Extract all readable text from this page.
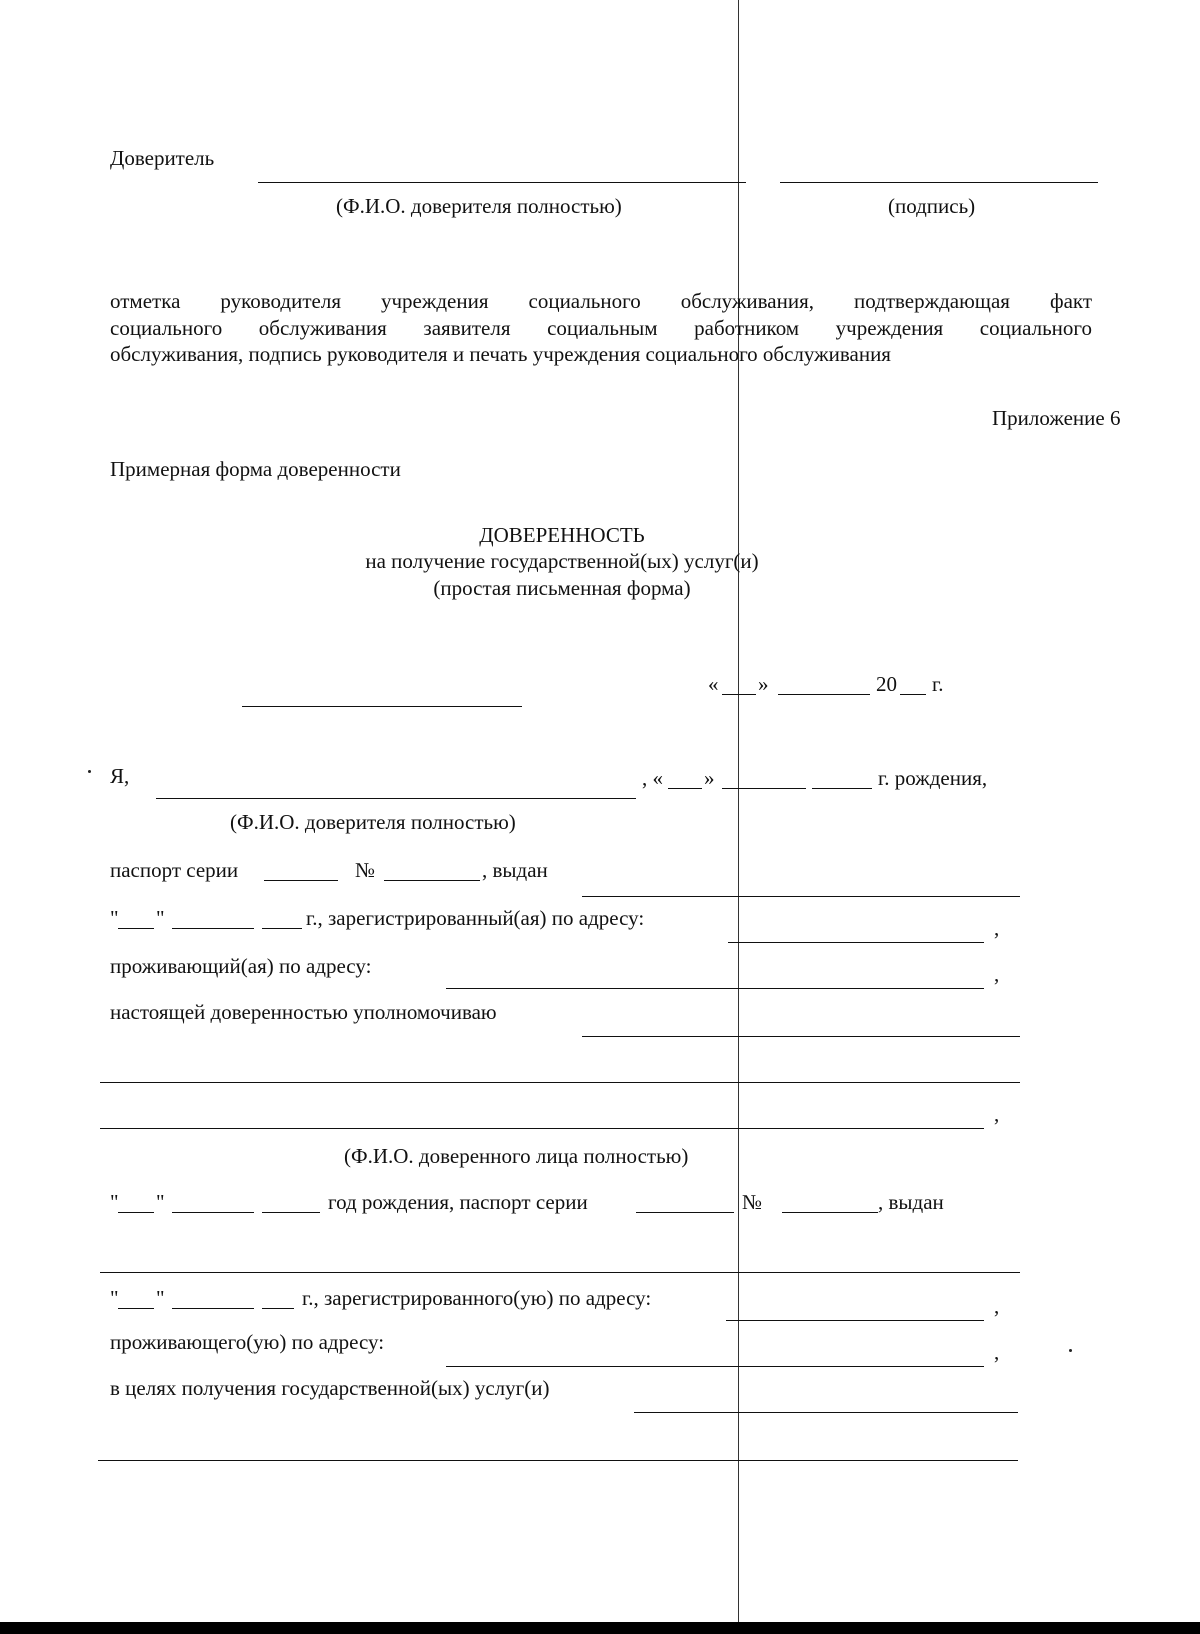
Доверитель
(Ф.И.О. доверителя полностью)	(подпись)
отметка руководителя учреждения социального обслуживания, подтверждающая факт
социального обслуживания заявителя социальным работником учреждения социального
обслуживания, подпись руководителя и печать учреждения социального обслуживания
Приложение 6
Примерная форма доверенности
ДОВЕРЕННОСТЬ
на получение государственной(ых) услуг(и)
(простая письменная форма)
« »	20 г.
Я,	, « »	г. рождения,
(Ф.И.О. доверителя полностью)
паспорт серии	№	, выдан
" "	г., зарегистрированный(ая) по адресу:	,
проживающий(ая) по адресу:	,
настоящей доверенностью уполномочиваю
,
(Ф.И.О. доверенного лица полностью)
" "	год рождения, паспорт серии	№	, выдан
" "	г., зарегистрированного(ую) по адресу:	,
проживающего(ую) по адресу:	,
в целях получения государственной(ых) услуг(и)
